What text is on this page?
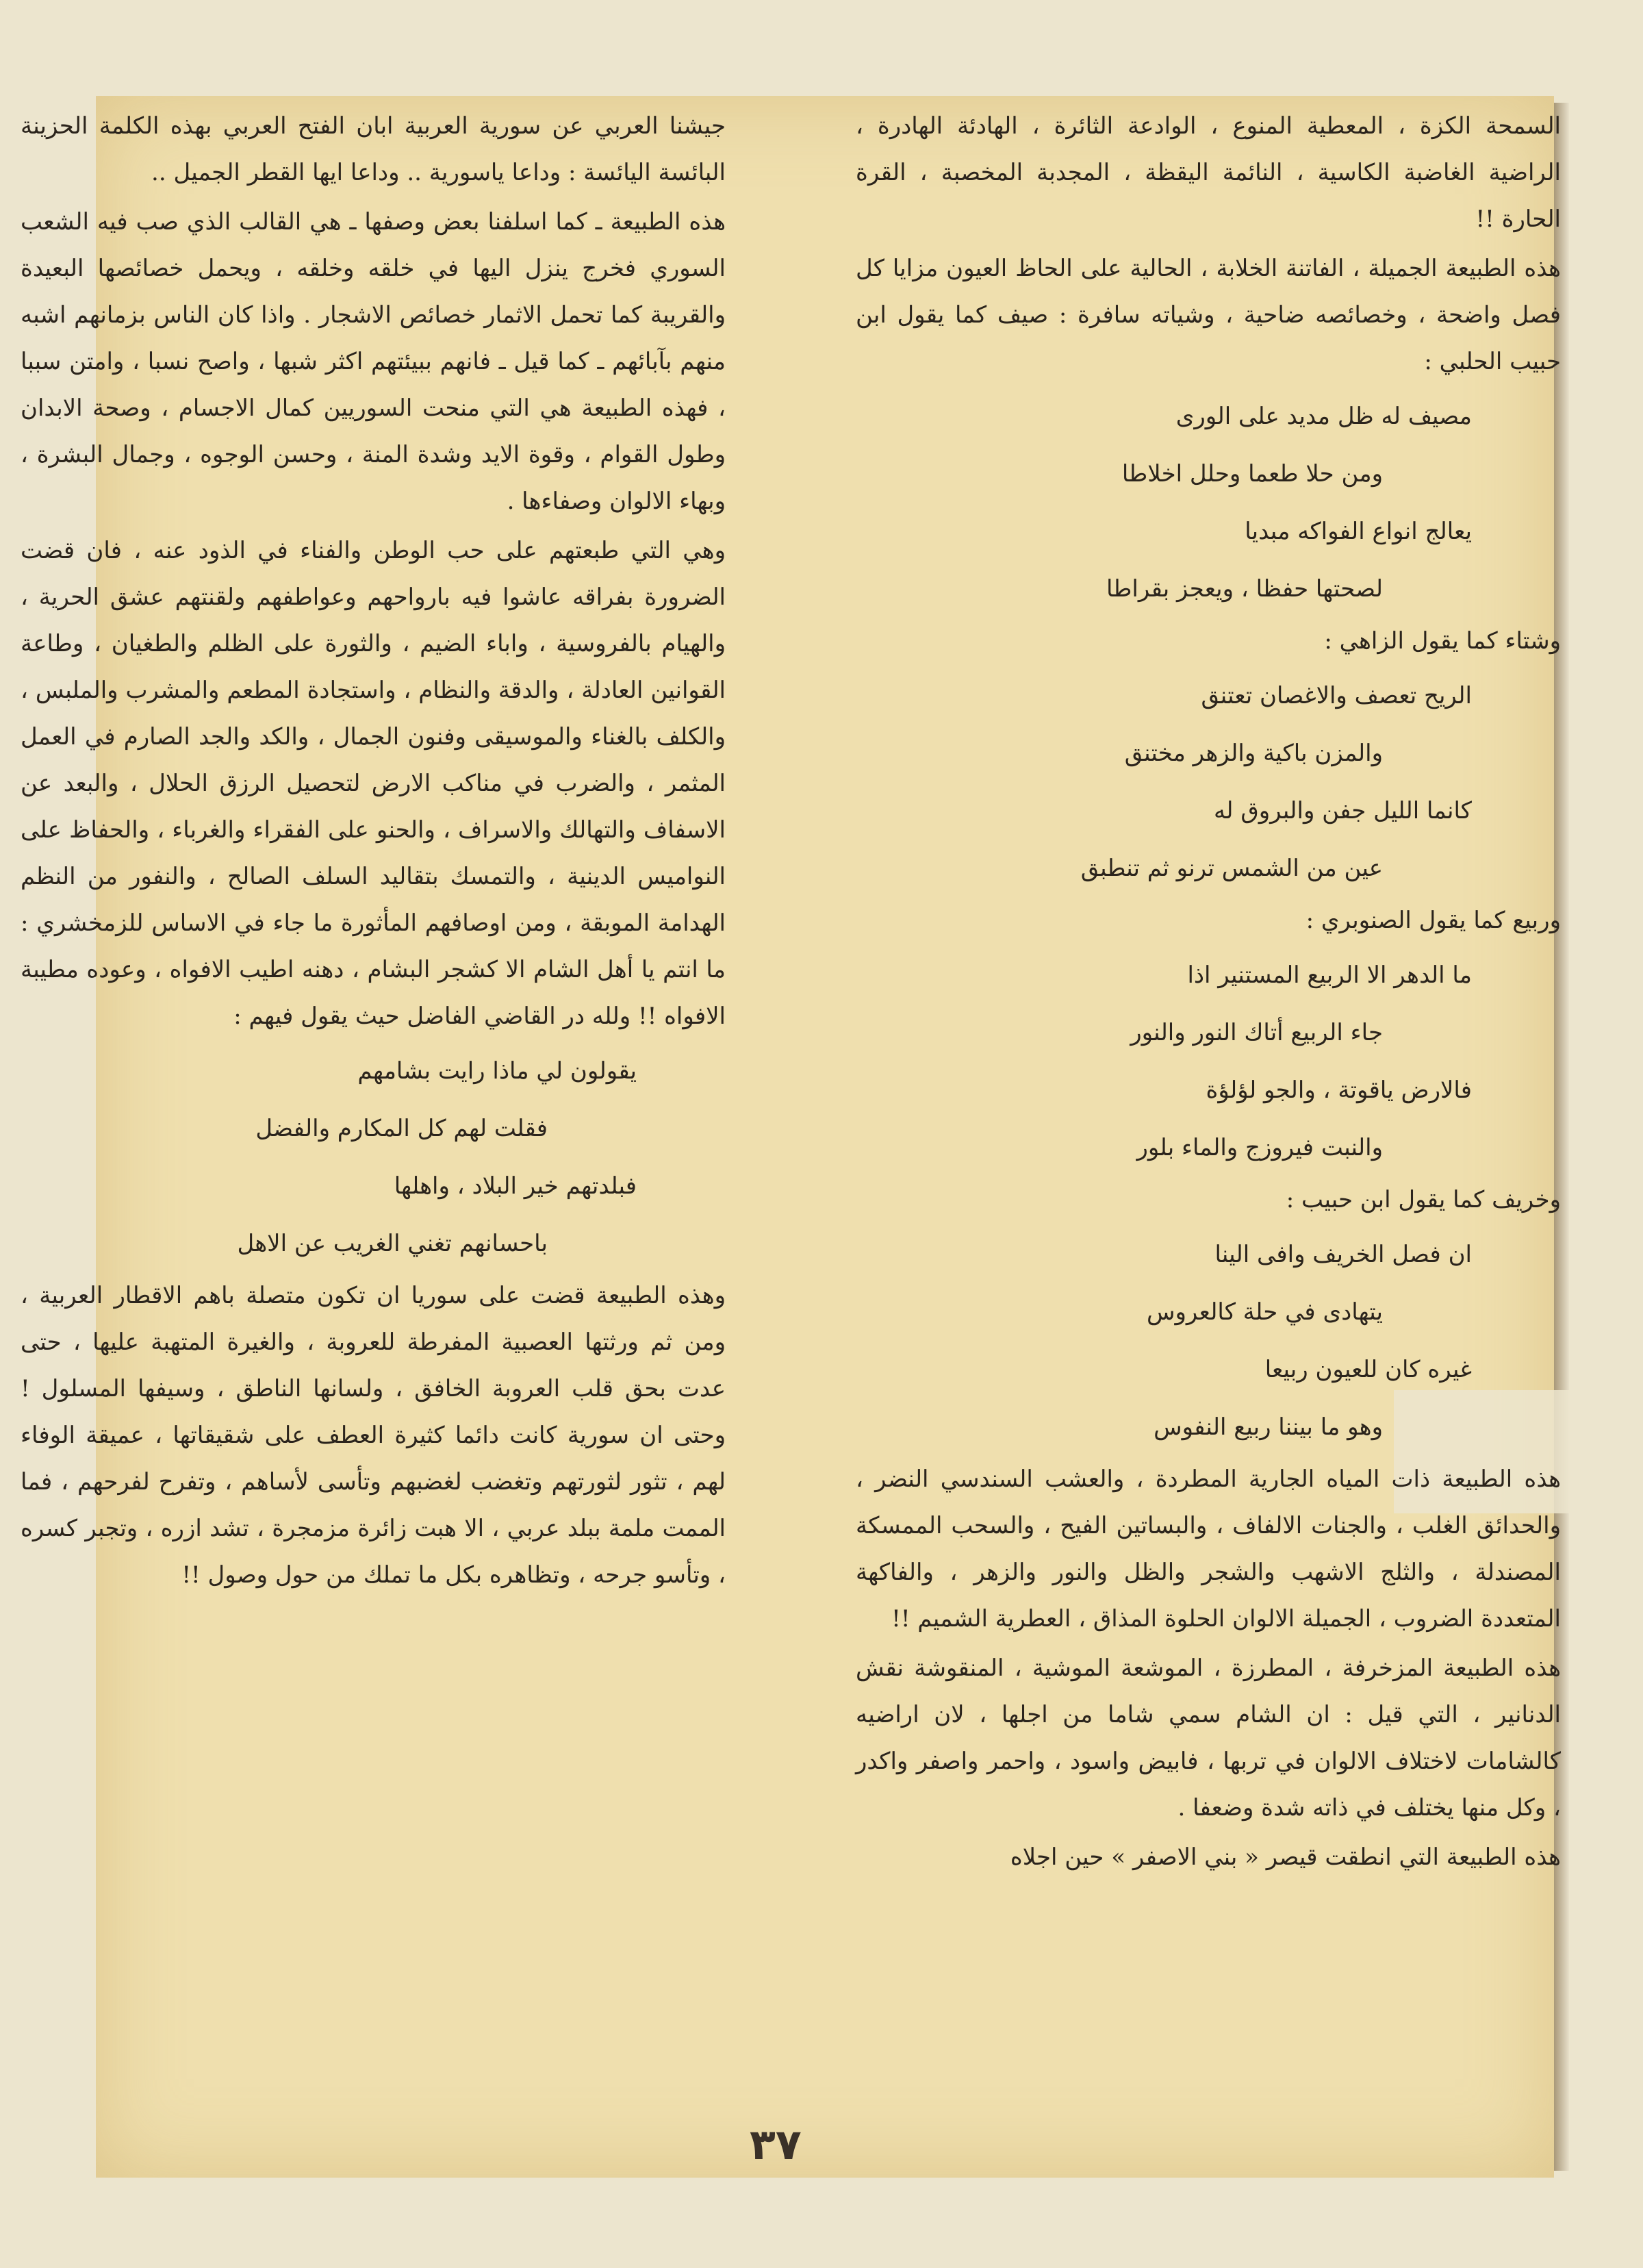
السمحة الكزة ، المعطية المنوع ، الوادعة الثائرة ، الهادئة الهادرة ، الراضية الغاضبة الكاسية ، النائمة اليقظة ، المجدبة المخصبة ، القرة الحارة !!

هذه الطبيعة الجميلة ، الفاتنة الخلابة ، الحالية على الحاظ العيون مزايا كل فصل واضحة ، وخصائصه ضاحية ، وشياته سافرة : صيف كما يقول ابن حبيب الحلبي :

مصيف له ظل مديد على الورى

ومن حلا طعما وحلل اخلاطا

يعالج انواع الفواكه مبديا

لصحتها حفظا ، ويعجز بقراطا

وشتاء كما يقول الزاهي :

الريح تعصف والاغصان تعتنق

والمزن باكية والزهر مختنق

كانما الليل جفن والبروق له

عين من الشمس ترنو ثم تنطبق

وربيع كما يقول الصنوبري :

ما الدهر الا الربيع المستنير اذا

جاء الربيع أتاك النور والنور

فالارض ياقوتة ، والجو لؤلؤة

والنبت فيروزج والماء بلور

وخريف كما يقول ابن حبيب :

ان فصل الخريف وافى الينا

يتهادى في حلة كالعروس

غيره كان للعيون ربيعا

وهو ما بيننا ربيع النفوس

هذه الطبيعة ذات المياه الجارية المطردة ، والعشب السندسي النضر ، والحدائق الغلب ، والجنات الالفاف ، والبساتين الفيح ، والسحب الممسكة المصندلة ، والثلج الاشهب والشجر والظل والنور والزهر ، والفاكهة المتعددة الضروب ، الجميلة الالوان الحلوة المذاق ، العطرية الشميم !!

هذه الطبيعة المزخرفة ، المطرزة ، الموشعة الموشية ، المنقوشة نقش الدنانير ، التي قيل : ان الشام سمي شاما من اجلها ، لان اراضيه كالشامات لاختلاف الالوان في تربها ، فابيض واسود ، واحمر واصفر واكدر ، وكل منها يختلف في ذاته شدة وضعفا .

هذه الطبيعة التي انطقت قيصر « بني الاصفر » حين اجلاه

جيشنا العربي عن سورية العربية ابان الفتح العربي بهذه الكلمة الحزينة البائسة اليائسة : وداعا ياسورية .. وداعا ايها القطر الجميل ..

هذه الطبيعة ـ كما اسلفنا بعض وصفها ـ هي القالب الذي صب فيه الشعب السوري فخرج ينزل اليها في خلقه وخلقه ، ويحمل خصائصها البعيدة والقريبة كما تحمل الاثمار خصائص الاشجار . واذا كان الناس بزمانهم اشبه منهم بآبائهم ـ كما قيل ـ فانهم ببيئتهم اكثر شبها ، واصح نسبا ، وامتن سببا ، فهذه الطبيعة هي التي منحت السوريين كمال الاجسام ، وصحة الابدان وطول القوام ، وقوة الايد وشدة المنة ، وحسن الوجوه ، وجمال البشرة ، وبهاء الالوان وصفاءها .

وهي التي طبعتهم على حب الوطن والفناء في الذود عنه ، فان قضت الضرورة بفراقه عاشوا فيه بارواحهم وعواطفهم ولقنتهم عشق الحرية ، والهيام بالفروسية ، واباء الضيم ، والثورة على الظلم والطغيان ، وطاعة القوانين العادلة ، والدقة والنظام ، واستجادة المطعم والمشرب والملبس ، والكلف بالغناء والموسيقى وفنون الجمال ، والكد والجد الصارم في العمل المثمر ، والضرب في مناكب الارض لتحصيل الرزق الحلال ، والبعد عن الاسفاف والتهالك والاسراف ، والحنو على الفقراء والغرباء ، والحفاظ على النواميس الدينية ، والتمسك بتقاليد السلف الصالح ، والنفور من النظم الهدامة الموبقة ، ومن اوصافهم المأثورة ما جاء في الاساس للزمخشري : ما انتم يا أهل الشام الا كشجر البشام ، دهنه اطيب الافواه ، وعوده مطيبة الافواه !! ولله در القاضي الفاضل حيث يقول فيهم :

يقولون لي ماذا رايت بشامهم

فقلت لهم كل المكارم والفضل

فبلدتهم خير البلاد ، واهلها

باحسانهم تغني الغريب عن الاهل

وهذه الطبيعة قضت على سوريا ان تكون متصلة باهم الاقطار العربية ، ومن ثم ورثتها العصبية المفرطة للعروبة ، والغيرة المتهبة عليها ، حتى عدت بحق قلب العروبة الخافق ، ولسانها الناطق ، وسيفها المسلول ! وحتى ان سورية كانت دائما كثيرة العطف على شقيقاتها ، عميقة الوفاء لهم ، تثور لثورتهم وتغضب لغضبهم وتأسى لأساهم ، وتفرح لفرحهم ، فما الممت ملمة ببلد عربي ، الا هبت زائرة مزمجرة ، تشد ازره ، وتجبر كسره ، وتأسو جرحه ، وتظاهره بكل ما تملك من حول وصول !!

٣٧
